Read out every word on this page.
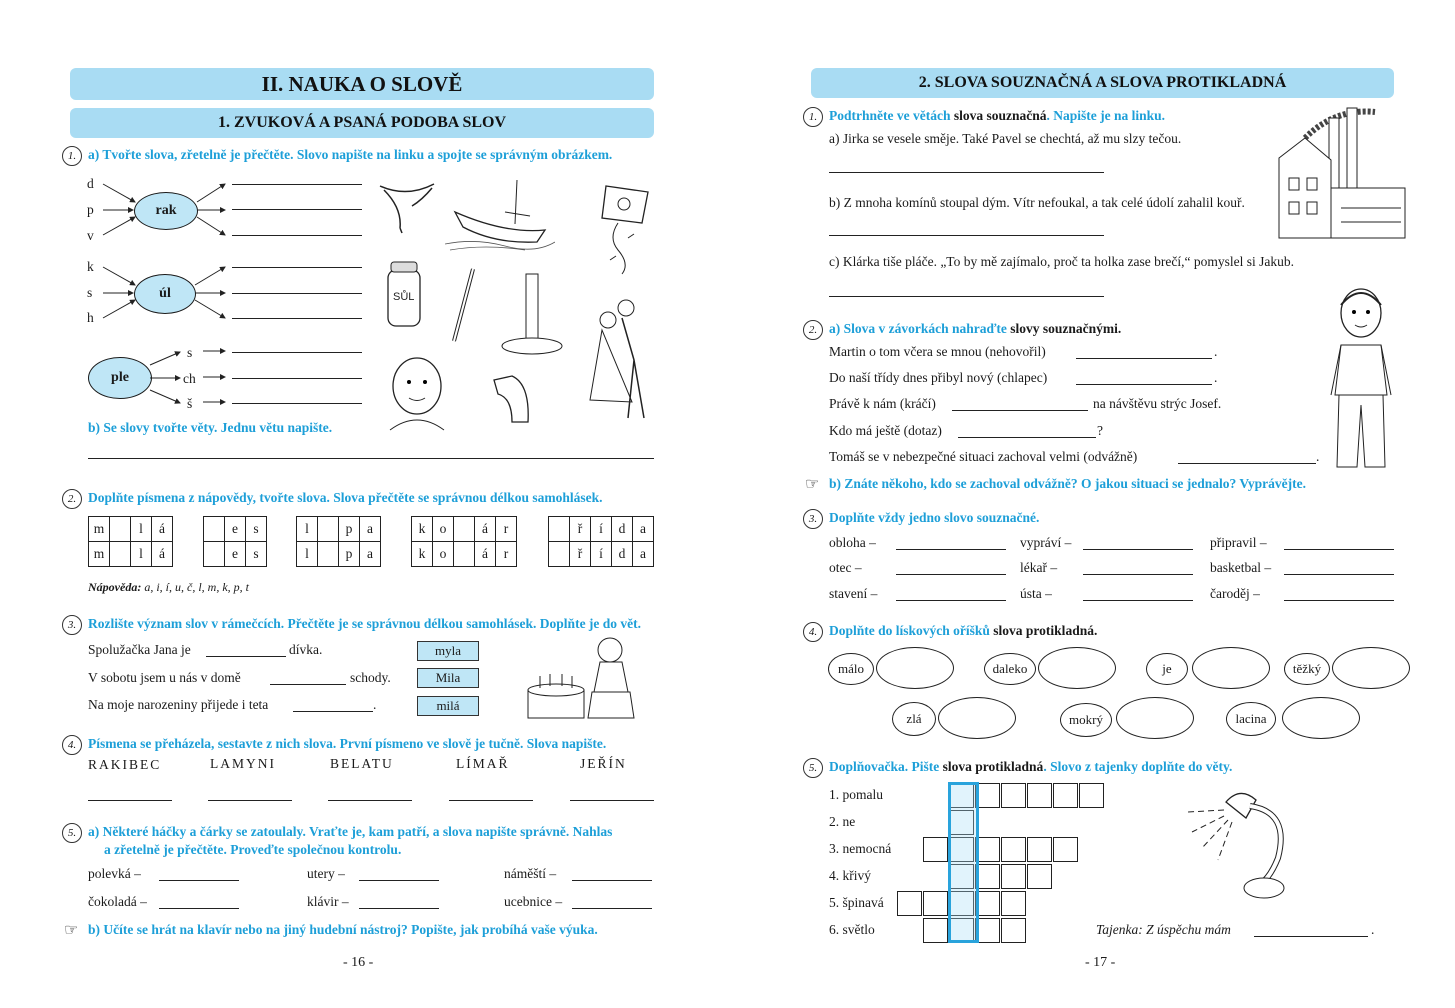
II. NAUKA O SLOVĚ
1. ZVUKOVÁ A PSANÁ PODOBA SLOV
1. a) Tvořte slova, zřetelně je přečtěte. Slovo napište na linku a spojte se správným obrázkem.
d
p
v
rak
k
s
h
úl
ple
s
ch
š
SŮL
b) Se slovy tvořte věty. Jednu větu napište.
2. Doplňte písmena z nápovědy, tvořte slova. Slova přečtěte se správnou délkou samohlásek.
m		l	á
m		l	á
	e	s
	e	s
l		p	a
l		p	a
k	o		á	r
k	o		á	r
	ř	í	d	a
	ř	í	d	a
Nápověda: a, i, í, u, č, l, m, k, p, t
3. Rozlište význam slov v rámečcích. Přečtěte je se správnou délkou samohlásek. Doplňte je do vět.
Spolužačka Jana je	dívka.
V sobotu jsem u nás v domě	schody.
Na moje narozeniny přijede i teta	.
myla
Mila
milá
4. Písmena se přeházela, sestavte z nich slova. První písmeno ve slově je tučně. Slova napište.
RAKIBEC	LAMYNI	BELATU	LÍMAŘ	JEŘÍN
5. a) Některé háčky a čárky se zatoulaly. Vraťte je, kam patří, a slova napište správně. Nahlas
a zřetelně je přečtěte. Proveďte společnou kontrolu.
polevká –	utery –	náměští –
čokoladá –	klávir –	ucebnice –
☞ b) Učíte se hrát na klavír nebo na jiný hudební nástroj? Popište, jak probíhá vaše výuka.
- 16 -
2. SLOVA SOUZNAČNÁ A SLOVA PROTIKLADNÁ
1. Podtrhněte ve větách slova souznačná. Napište je na linku.
a) Jirka se vesele směje. Také Pavel se chechtá, až mu slzy tečou.
b) Z mnoha komínů stoupal dým. Vítr nefoukal, a tak celé údolí zahalil kouř.
c) Klárka tiše pláče. „To by mě zajímalo, proč ta holka zase brečí,“ pomyslel si Jakub.
2. a) Slova v závorkách nahraďte slovy souznačnými.
Martin o tom včera se mnou (nehovořil)	.
Do naší třídy dnes přibyl nový (chlapec)	.
Právě k nám (kráčí)	na návštěvu strýc Josef.
Kdo má ještě (dotaz)	?
Tomáš se v nebezpečné situaci zachoval velmi (odvážně)	.
☞ b) Znáte někoho, kdo se zachoval odvážně? O jakou situaci se jednalo? Vyprávějte.
3. Doplňte vždy jedno slovo souznačné.
obloha –	vypráví –	připravil –
otec –	lékař –	basketbal –
stavení –	ústa –	čaroděj –
4. Doplňte do lískových oříšků slova protikladná.
málo	daleko	je	těžký
zlá	mokrý	lacina
5. Doplňovačka. Pište slova protikladná. Slovo z tajenky doplňte do věty.
1. pomalu
2. ne
3. nemocná
4. křivý
5. špinavá
6. světlo	Tajenka: Z úspěchu mám	.
- 17 -
